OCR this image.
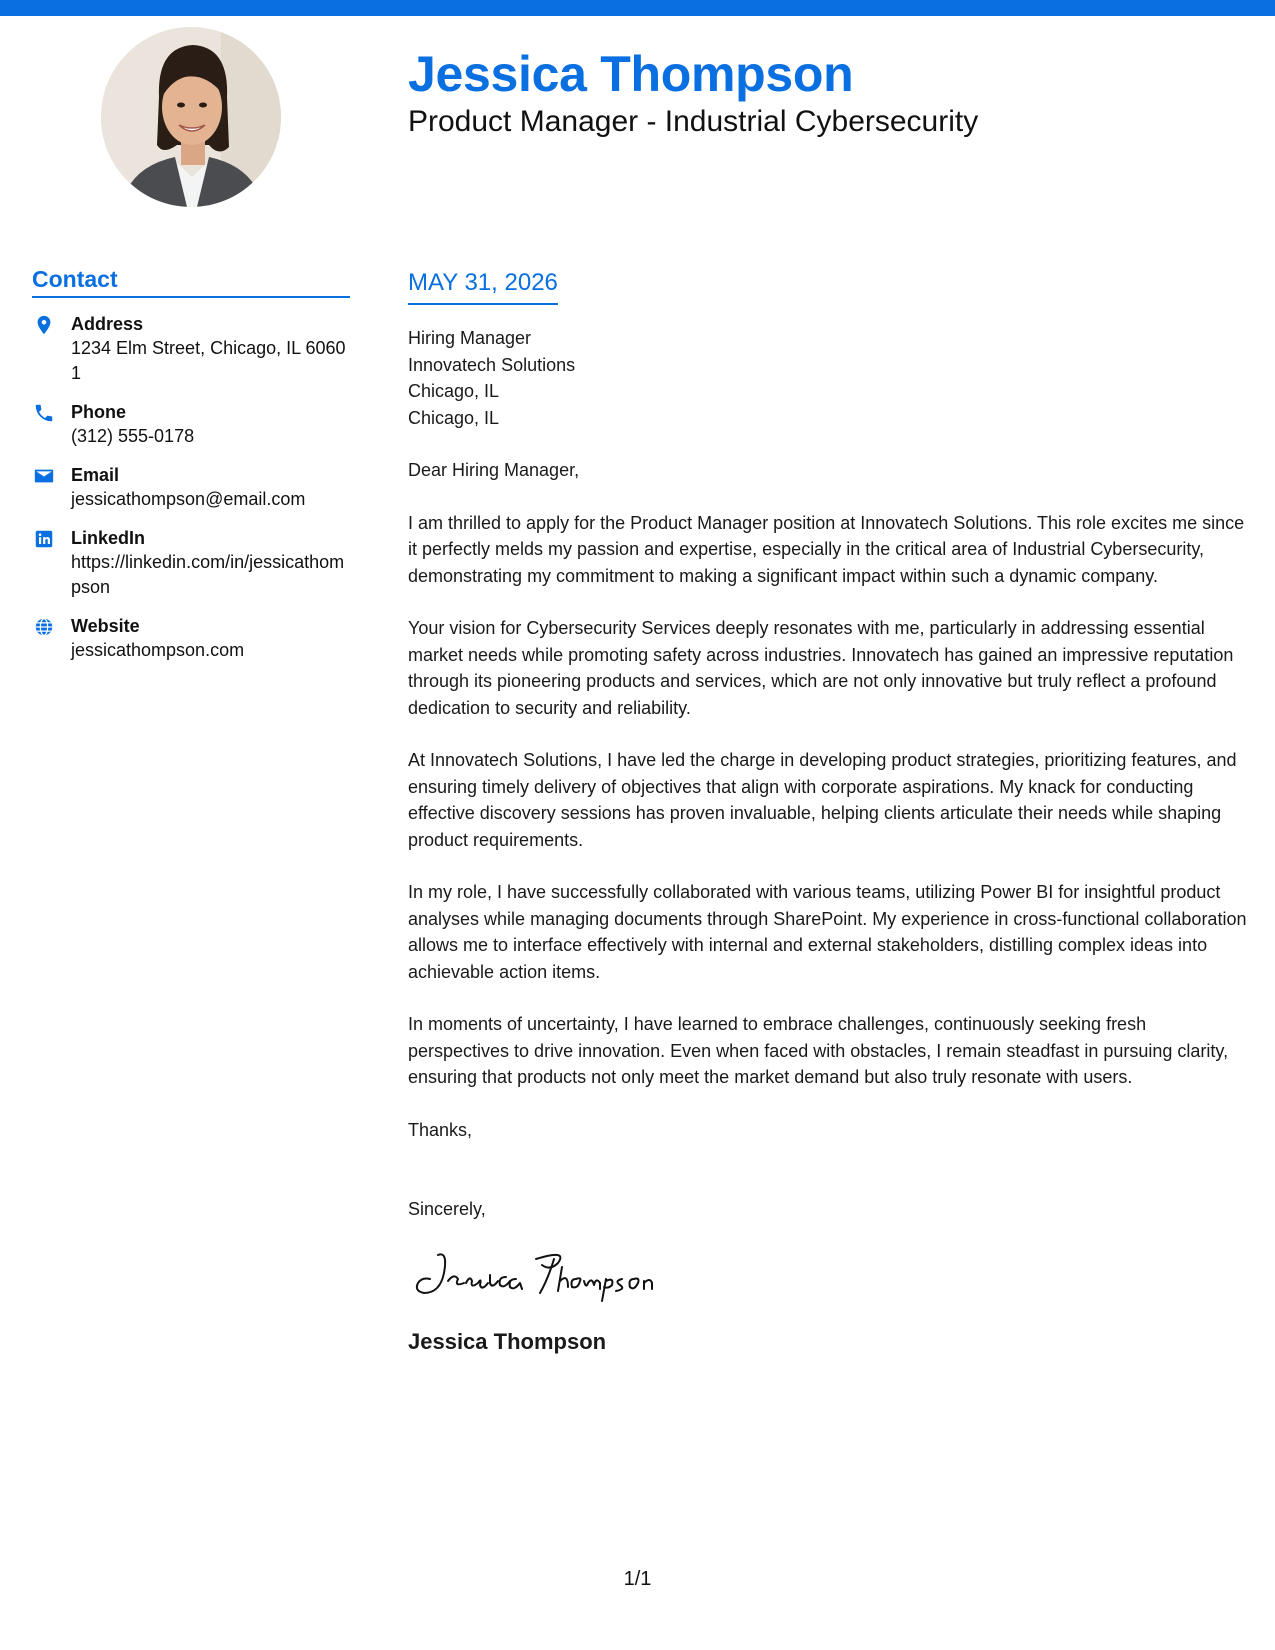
Jessica Thompson
Product Manager - Industrial Cybersecurity
Contact
Address
1234 Elm Street, Chicago, IL 60601
Phone
(312) 555-0178
Email
jessicathompson@email.com
LinkedIn
https://linkedin.com/in/jessicathompson
Website
jessicathompson.com
MAY 31, 2026
Hiring Manager
Innovatech Solutions
Chicago, IL
Chicago, IL

Dear Hiring Manager,

I am thrilled to apply for the Product Manager position at Innovatech Solutions. This role excites me since it perfectly melds my passion and expertise, especially in the critical area of Industrial Cybersecurity, demonstrating my commitment to making a significant impact within such a dynamic company.

Your vision for Cybersecurity Services deeply resonates with me, particularly in addressing essential market needs while promoting safety across industries. Innovatech has gained an impressive reputation through its pioneering products and services, which are not only innovative but truly reflect a profound dedication to security and reliability.

At Innovatech Solutions, I have led the charge in developing product strategies, prioritizing features, and ensuring timely delivery of objectives that align with corporate aspirations. My knack for conducting effective discovery sessions has proven invaluable, helping clients articulate their needs while shaping product requirements.

In my role, I have successfully collaborated with various teams, utilizing Power BI for insightful product analyses while managing documents through SharePoint. My experience in cross-functional collaboration allows me to interface effectively with internal and external stakeholders, distilling complex ideas into achievable action items.

In moments of uncertainty, I have learned to embrace challenges, continuously seeking fresh perspectives to drive innovation. Even when faced with obstacles, I remain steadfast in pursuing clarity, ensuring that products not only meet the market demand but also truly resonate with users.

Thanks,

Sincerely,

Jessica Thompson

1/1
